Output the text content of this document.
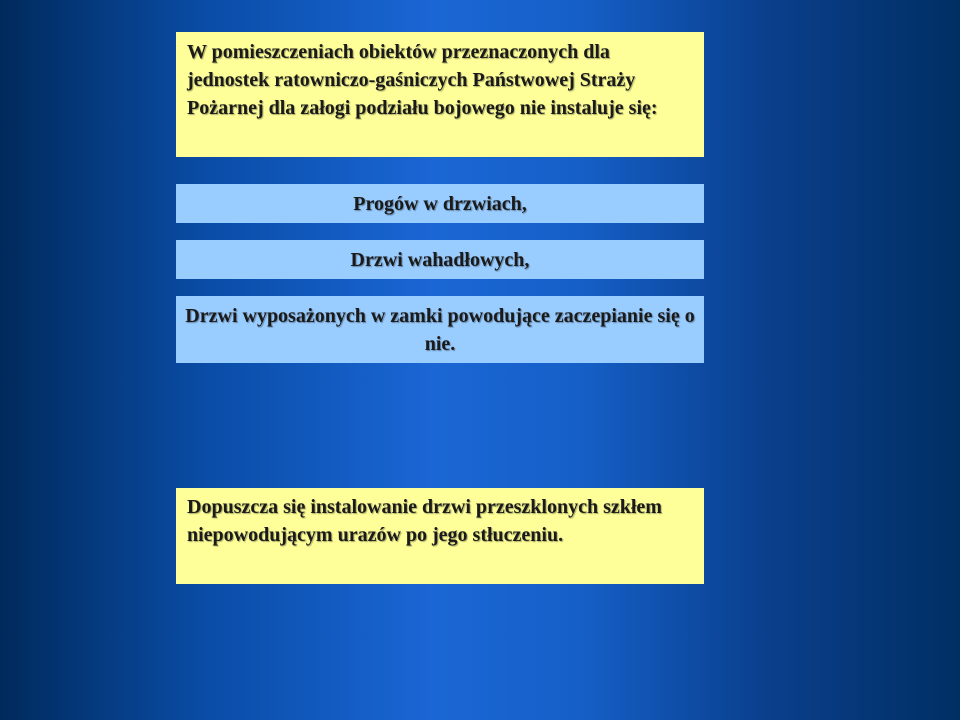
W pomieszczeniach obiektów przeznaczonych dla jednostek ratowniczo-gaśniczych Państwowej Straży Pożarnej dla załogi podziału bojowego nie instaluje się:
Progów w drzwiach,
Drzwi wahadłowych,
Drzwi wyposażonych w zamki powodujące zaczepianie się o nie.
Dopuszcza się instalowanie drzwi przeszklonych szkłem niepowodującym urazów po jego stłuczeniu.
